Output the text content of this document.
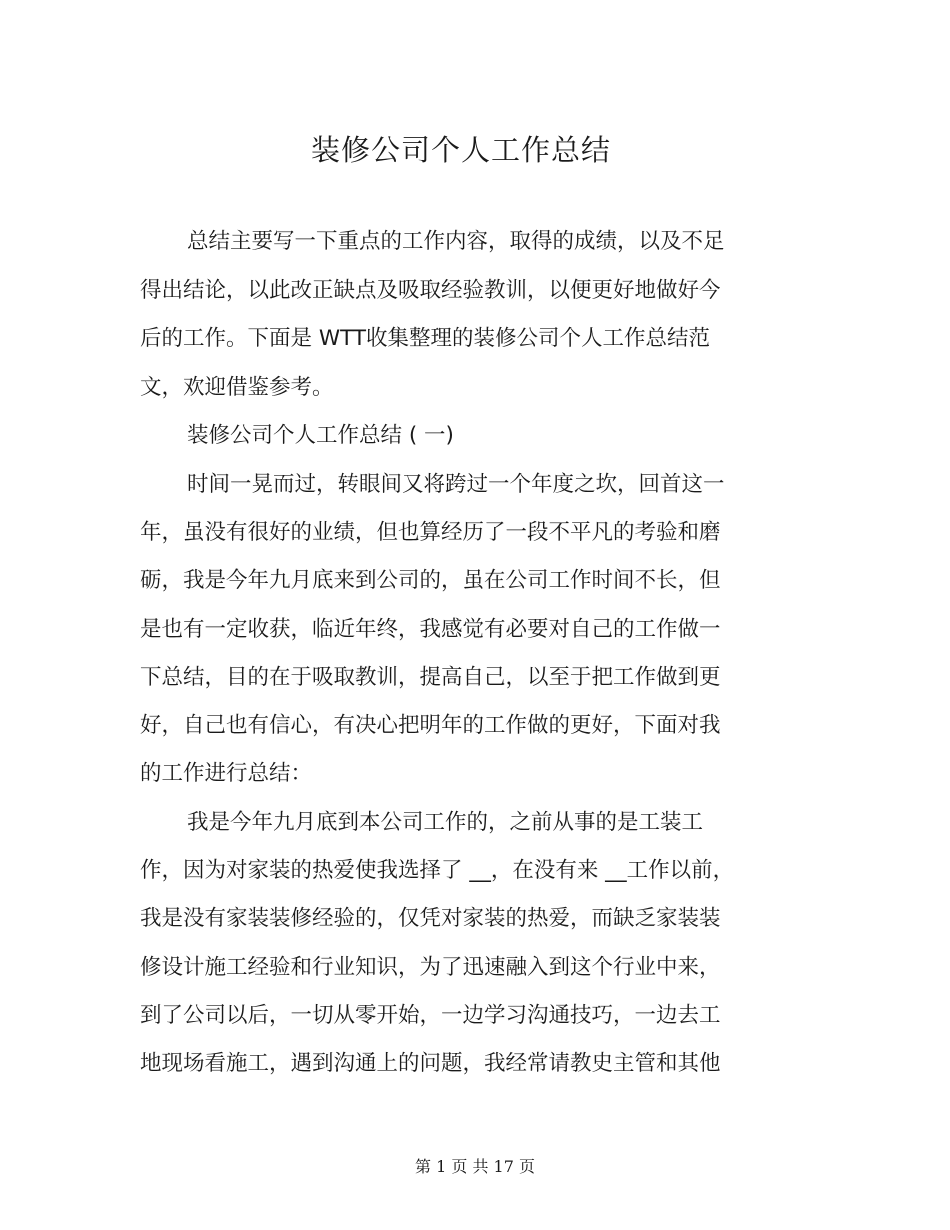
装修公司个人工作总结
总结主要写一下重点的工作内容，取得的成绩，以及不足
得出结论，以此改正缺点及吸取经验教训，以便更好地做好今
后的工作。下面是 WTT收集整理的装修公司个人工作总结范
文，欢迎借鉴参考。
装修公司个人工作总结 ( 一)
时间一晃而过，转眼间又将跨过一个年度之坎，回首这一
年，虽没有很好的业绩，但也算经历了一段不平凡的考验和磨
砺，我是今年九月底来到公司的，虽在公司工作时间不长，但
是也有一定收获，临近年终，我感觉有必要对自己的工作做一
下总结，目的在于吸取教训，提高自己，以至于把工作做到更
好，自己也有信心，有决心把明年的工作做的更好，下面对我
的工作进行总结：
我是今年九月底到本公司工作的，之前从事的是工装工
作，因为对家装的热爱使我选择了 __，在没有来 __工作以前，
我是没有家装装修经验的，仅凭对家装的热爱，而缺乏家装装
修设计施工经验和行业知识，为了迅速融入到这个行业中来，
到了公司以后，一切从零开始，一边学习沟通技巧，一边去工
地现场看施工，遇到沟通上的问题，我经常请教史主管和其他
第 1 页 共 17 页
